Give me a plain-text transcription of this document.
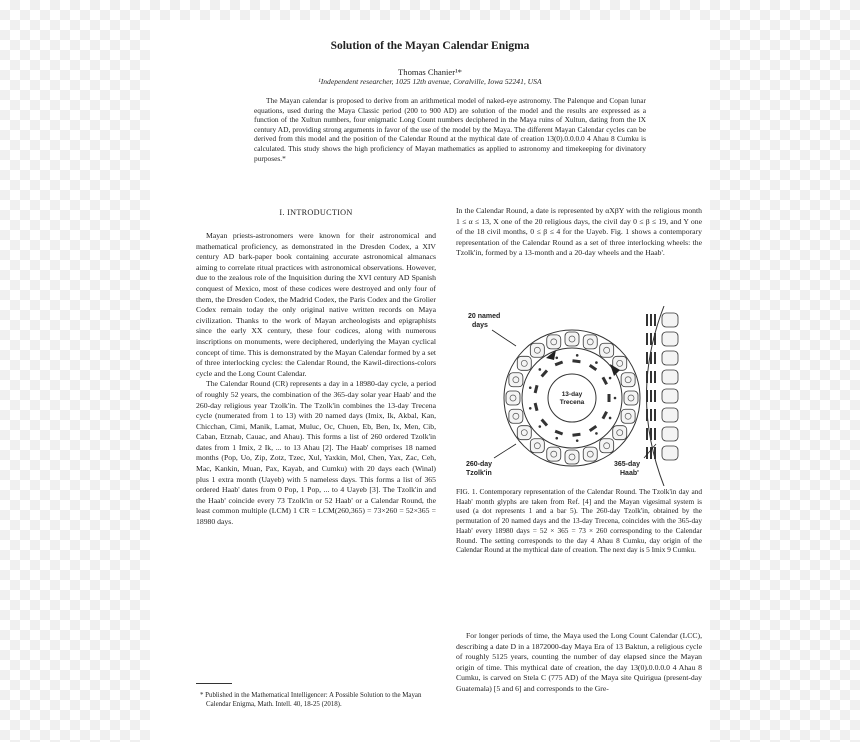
Solution of the Mayan Calendar Enigma
Thomas Chanier¹*
¹Independent researcher, 1025 12th avenue, Coralville, Iowa 52241, USA
The Mayan calendar is proposed to derive from an arithmetical model of naked-eye astronomy. The Palenque and Copan lunar equations, used during the Maya Classic period (200 to 900 AD) are solution of the model and the results are expressed as a function of the Xultun numbers, four enigmatic Long Count numbers deciphered in the Maya ruins of Xultun, dating from the IX century AD, providing strong arguments in favor of the use of the model by the Maya. The different Mayan Calendar cycles can be derived from this model and the position of the Calendar Round at the mythical date of creation 13(0).0.0.0.0 4 Ahau 8 Cumku is calculated. This study shows the high proficiency of Mayan mathematics as applied to astronomy and timekeeping for divinatory purposes.*
I. INTRODUCTION

Mayan priests-astronomers were known for their astronomical and mathematical proficiency, as demonstrated in the Dresden Codex, a XIV century AD bark-paper book containing accurate astronomical almanacs aiming to correlate ritual practices with astronomical observations. However, due to the zealous role of the Inquisition during the XVI century AD Spanish conquest of Mexico, most of these codices were destroyed and only four of them, the Dresden Codex, the Madrid Codex, the Paris Codex and the Grolier Codex remain today the only original native written records on Maya civilization. Thanks to the work of Mayan archeologists and epigraphists since the early XX century, these four codices, along with numerous inscriptions on monuments, were deciphered, underlying the Mayan cyclical concept of time. This is demonstrated by the Mayan Calendar formed by a set of three interlocking cycles: the Calendar Round, the Kawil-directions-colors cycle and the Long Count Calendar.

The Calendar Round (CR) represents a day in a 18980-day cycle, a period of roughly 52 years, the combination of the 365-day solar year Haab' and the 260-day religious year Tzolk'in. The Tzolk'in combines the 13-day Trecena cycle (numerated from 1 to 13) with 20 named days (Imix, Ik, Akbal, Kan, Chicchan, Cimi, Manik, Lamat, Muluc, Oc, Chuen, Eb, Ben, Ix, Men, Cib, Caban, Etznab, Cauac, and Ahau). This forms a list of 260 ordered Tzolk'in dates from 1 Imix, 2 Ik, ... to 13 Ahau [2]. The Haab' comprises 18 named months (Pop, Uo, Zip, Zotz, Tzec, Xul, Yaxkin, Mol, Chen, Yax, Zac, Ceh, Mac, Kankin, Muan, Pax, Kayab, and Cumku) with 20 days each (Winal) plus 1 extra month (Uayeb) with 5 nameless days. This forms a list of 365 ordered Haab' dates from 0 Pop, 1 Pop, ... to 4 Uayeb [3]. The Tzolk'in and the Haab' coincide every 73 Tzolk'in or 52 Haab' or a Calendar Round, the least common multiple (LCM) 1 CR = LCM(260,365) = 73×260 = 52×365 = 18980 days.

* Published in the Mathematical Intelligencer: A Possible Solution to the Mayan Calendar Enigma, Math. Intell. 40, 18-25 (2018).

In the Calendar Round, a date is represented by αXβY with the religious month 1 ≤ α ≤ 13, X one of the 20 religious days, the civil day 0 ≤ β ≤ 19, and Y one of the 18 civil months, 0 ≤ β ≤ 4 for the Uayeb. Fig. 1 shows a contemporary representation of the Calendar Round as a set of three interlocking wheels: the Tzolk'in, formed by a 13-month and a 20-day wheels and the Haab'.

20 named
days
13-day
Trecena
260-day
Tzolk'in
365-day
Haab'
FIG. 1. Contemporary representation of the Calendar Round. The Tzolk'in day and Haab' month glyphs are taken from Ref. [4] and the Mayan vigesimal system is used (a dot represents 1 and a bar 5). The 260-day Tzolk'in, obtained by the permutation of 20 named days and the 13-day Trecena, coincides with the 365-day Haab' every 18980 days = 52 × 365 = 73 × 260 corresponding to the Calendar Round. The setting corresponds to the day 4 Ahau 8 Cumku, day origin of the Calendar Round at the mythical date of creation. The next day is 5 Imix 9 Cumku.

For longer periods of time, the Maya used the Long Count Calendar (LCC), describing a date D in a 1872000-day Maya Era of 13 Baktun, a religious cycle of roughly 5125 years, counting the number of day elapsed since the Mayan origin of time. This mythical date of creation, the day 13(0).0.0.0.0 4 Ahau 8 Cumku, is carved on Stela C (775 AD) of the Maya site Quirigua (present-day Guatemala) [5 and 6] and corresponds to the Gre-
